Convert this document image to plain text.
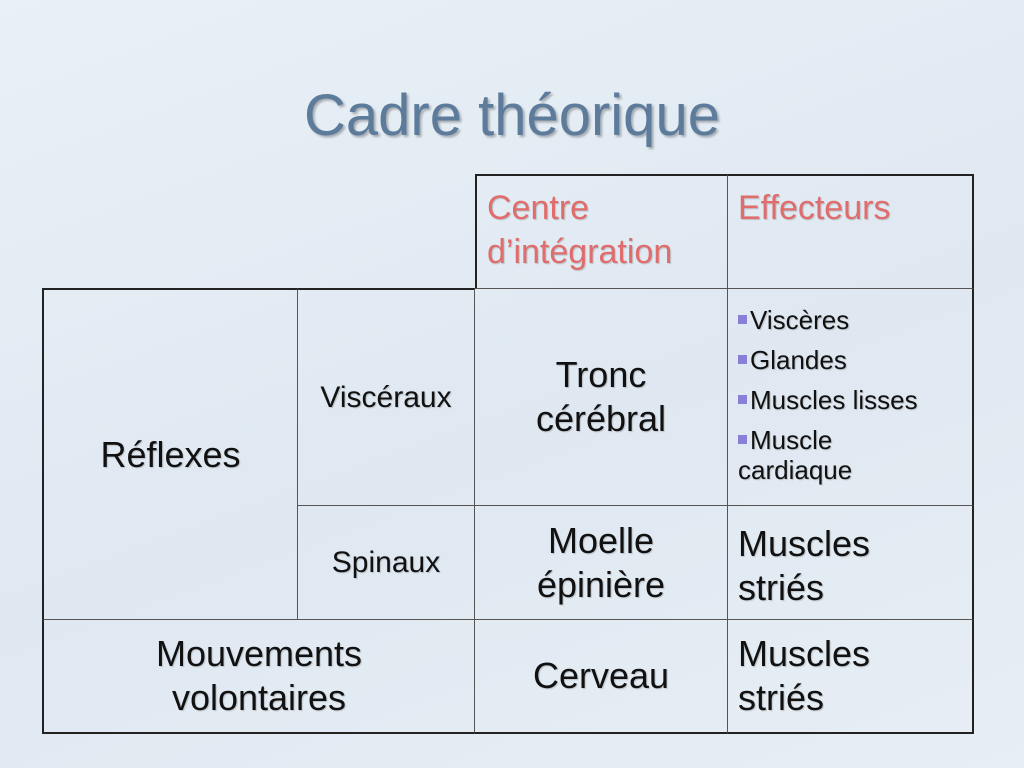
Cadre théorique
Centre d’intégration
Effecteurs
Réflexes
Viscéraux
Tronc cérébral
Viscères
Glandes
Muscles lisses
Muscle cardiaque
Spinaux
Moelle épinière
Muscles striés
Mouvements volontaires
Cerveau
Muscles striés
